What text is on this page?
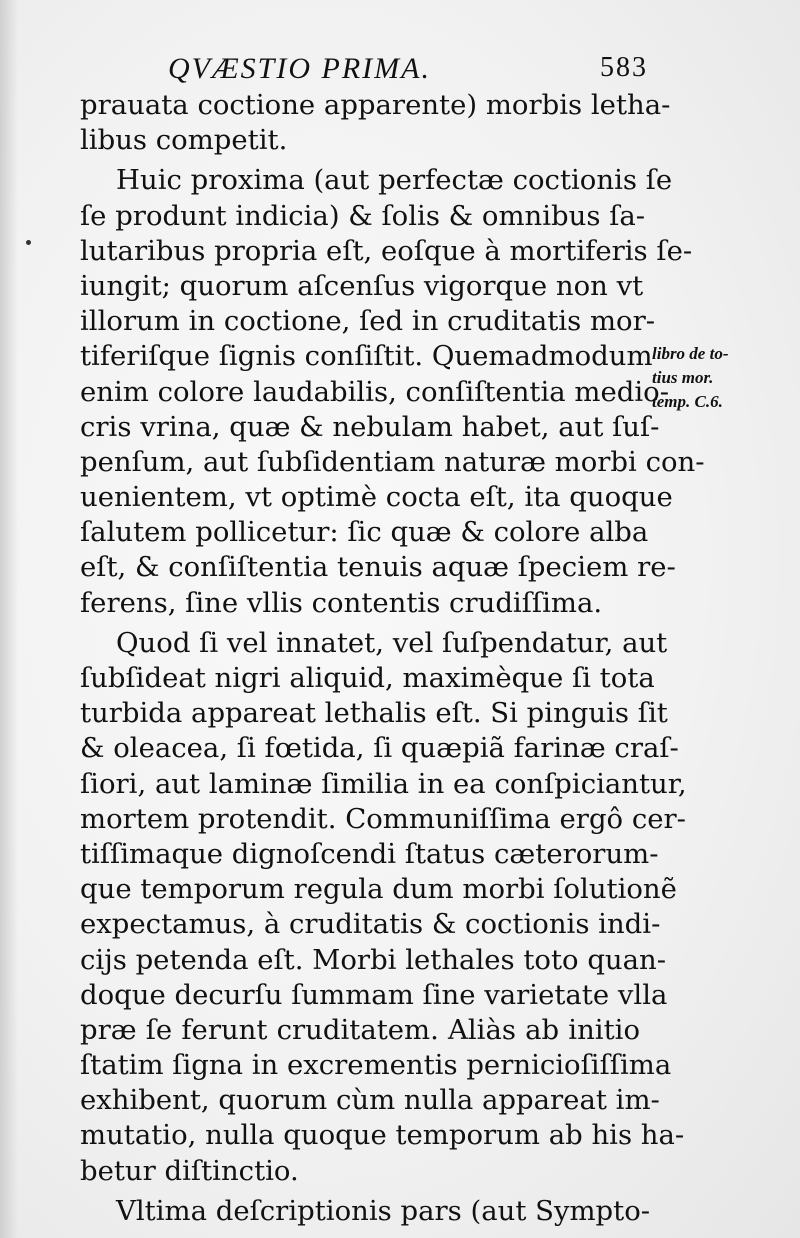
QVÆSTIO PRIMA.	583
prauata coctione apparente) morbis letha-
libus competit.
Huic proxima (aut perfectæ coctionis ſe
ſe produnt indicia) & ſolis & omnibus ſa-
lutaribus propria eſt, eoſque à mortiferis ſe-
iungit; quorum aſcenſus vigorque non vt
illorum in coctione, ſed in cruditatis mor-
tiferiſque ſignis conſiſtit. Quemadmodum
enim colore laudabilis, conſiſtentia medio-
cris vrina, quæ & nebulam habet, aut ſuſ-
penſum, aut ſubſidentiam naturæ morbi con-
uenientem, vt optimè cocta eſt, ita quoque
ſalutem pollicetur: ſic quæ & colore alba
eſt, & conſiſtentia tenuis aquæ ſpeciem re-
ferens, ſine vllis contentis crudiſſima.
Quod ſi vel innatet, vel ſuſpendatur, aut
ſubſideat nigri aliquid, maximèque ſi tota
turbida appareat lethalis eſt. Si pinguis ſit
& oleacea, ſi fœtida, ſi quæpiã farinæ craſ-
ſiori, aut laminæ ſimilia in ea conſpiciantur,
mortem protendit. Communiſſima ergô cer-
tiſſimaque dignoſcendi ſtatus cæterorum-
que temporum regula dum morbi ſolutionẽ
expectamus, à cruditatis & coctionis indi-
cijs petenda eſt. Morbi lethales toto quan-
doque decurſu ſummam ſine varietate vlla
præ ſe ferunt cruditatem. Aliàs ab initio
ſtatim ſigna in excrementis pernicioſiſſima
exhibent, quorum cùm nulla appareat im-
mutatio, nulla quoque temporum ab his ha-
betur diſtinctio.
Vltima deſcriptionis pars (aut Sympto-
libro de to-
tius mor.
temp. C.6.
